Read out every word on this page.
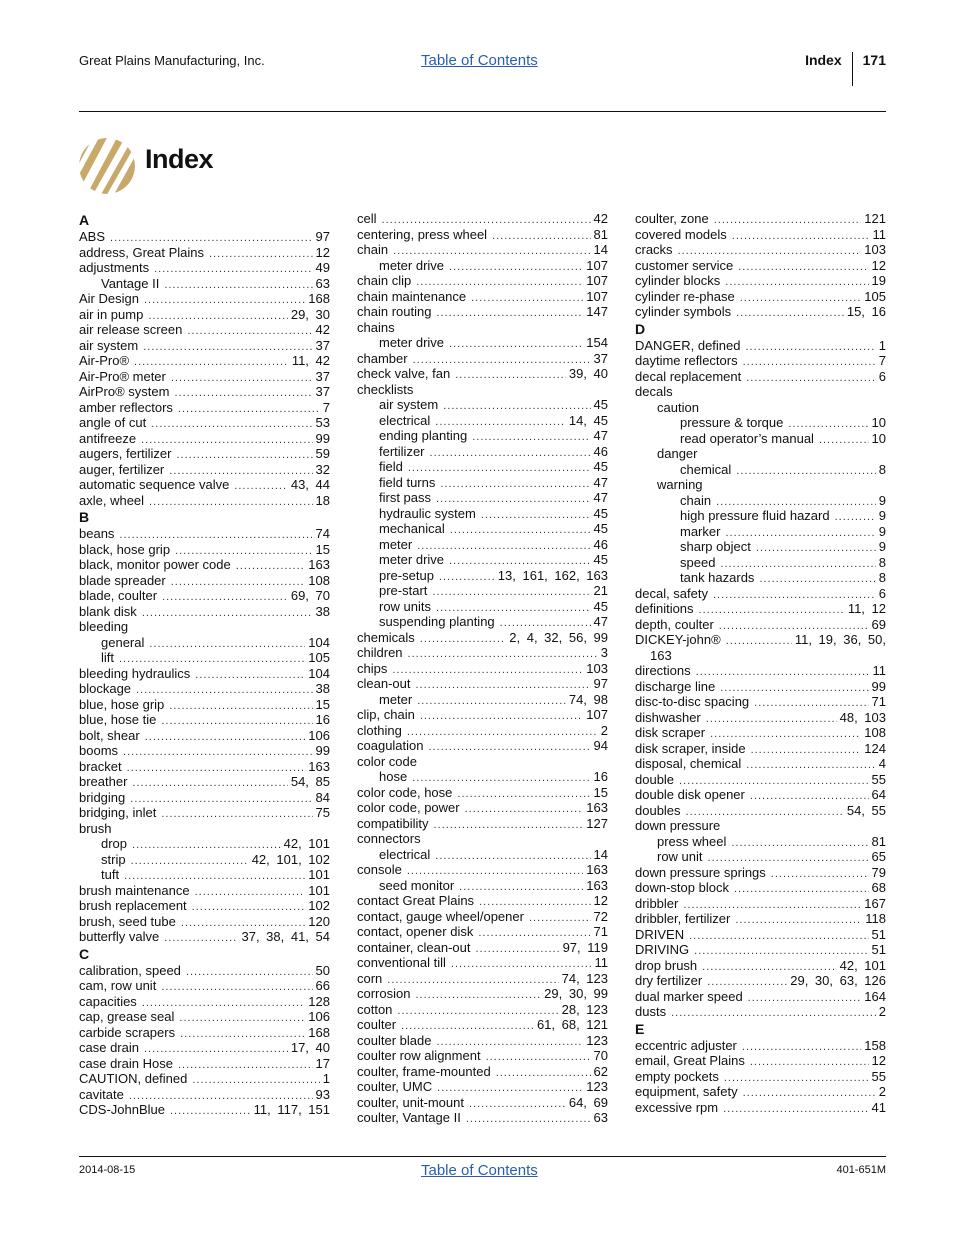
Great Plains Manufacturing, Inc.	Table of Contents	Index 171
Index
A
ABS .....	97
address, Great Plains .....	12
adjustments .....	49
Vantage II .....	63
Air Design .....	168
air in pump .....	29, 30
air release screen .....	42
air system .....	37
Air-Pro® .....	11, 42
Air-Pro® meter .....	37
AirPro® system .....	37
amber reflectors .....	7
angle of cut .....	53
antifreeze .....	99
augers, fertilizer .....	59
auger, fertilizer .....	32
automatic sequence valve .....	43, 44
axle, wheel .....	18
B
beans .....	74
black, hose grip .....	15
black, monitor power code .....	163
blade spreader .....	108
blade, coulter .....	69, 70
blank disk .....	38
bleeding
general .....	104
lift .....	105
bleeding hydraulics .....	104
blockage .....	38
blue, hose grip .....	15
blue, hose tie .....	16
bolt, shear .....	106
booms .....	99
bracket .....	163
breather .....	54, 85
bridging .....	84
bridging, inlet .....	75
brush
drop .....	42, 101
strip .....	42, 101, 102
tuft .....	101
brush maintenance .....	101
brush replacement .....	102
brush, seed tube .....	120
butterfly valve .....	37, 38, 41, 54
C
calibration, speed .....	50
cam, row unit .....	66
capacities .....	128
cap, grease seal .....	106
carbide scrapers .....	168
case drain .....	17, 40
case drain Hose .....	17
CAUTION, defined .....	1
cavitate .....	93
CDS-JohnBlue .....	11, 117, 151
cell .....	42
centering, press wheel .....	81
chain .....	14
meter drive .....	107
chain clip .....	107
chain maintenance .....	107
chain routing .....	147
chains
meter drive .....	154
chamber .....	37
check valve, fan .....	39, 40
checklists
air system .....	45
electrical .....	14, 45
ending planting .....	47
fertilizer .....	46
field .....	45
field turns .....	47
first pass .....	47
hydraulic system .....	45
mechanical .....	45
meter .....	46
meter drive .....	45
pre-setup .....	13, 161, 162, 163
pre-start .....	21
row units .....	45
suspending planting .....	47
chemicals .....	2, 4, 32, 56, 99
children .....	3
chips .....	103
clean-out .....	97
meter .....	74, 98
clip, chain .....	107
clothing .....	2
coagulation .....	94
color code
hose .....	16
color code, hose .....	15
color code, power .....	163
compatibility .....	127
connectors
electrical .....	14
console .....	163
seed monitor .....	163
contact Great Plains .....	12
contact, gauge wheel/opener .....	72
contact, opener disk .....	71
container, clean-out .....	97, 119
conventional till .....	11
corn .....	74, 123
corrosion .....	29, 30, 99
cotton .....	28, 123
coulter .....	61, 68, 121
coulter blade .....	123
coulter row alignment .....	70
coulter, frame-mounted .....	62
coulter, UMC .....	123
coulter, unit-mount .....	64, 69
coulter, Vantage II .....	63
coulter, zone .....	121
covered models .....	11
cracks .....	103
customer service .....	12
cylinder blocks .....	19
cylinder re-phase .....	105
cylinder symbols .....	15, 16
D
DANGER, defined .....	1
daytime reflectors .....	7
decal replacement .....	6
decals
caution
pressure & torque .....	10
read operator’s manual .....	10
danger
chemical .....	8
warning
chain .....	9
high pressure fluid hazard .....	9
marker .....	9
sharp object .....	9
speed .....	8
tank hazards .....	8
decal, safety .....	6
definitions .....	11, 12
depth, coulter .....	69
DICKEY-john® .....	11, 19, 36, 50,
163
directions .....	11
discharge line .....	99
disc-to-disc spacing .....	71
dishwasher .....	48, 103
disk scraper .....	108
disk scraper, inside .....	124
disposal, chemical .....	4
double .....	55
double disk opener .....	64
doubles .....	54, 55
down pressure
press wheel .....	81
row unit .....	65
down pressure springs .....	79
down-stop block .....	68
dribbler .....	167
dribbler, fertilizer .....	118
DRIVEN .....	51
DRIVING .....	51
drop brush .....	42, 101
dry fertilizer .....	29, 30, 63, 126
dual marker speed .....	164
dusts .....	2
E
eccentric adjuster .....	158
email, Great Plains .....	12
empty pockets .....	55
equipment, safety .....	2
excessive rpm .....	41
2014-08-15	Table of Contents	401-651M
